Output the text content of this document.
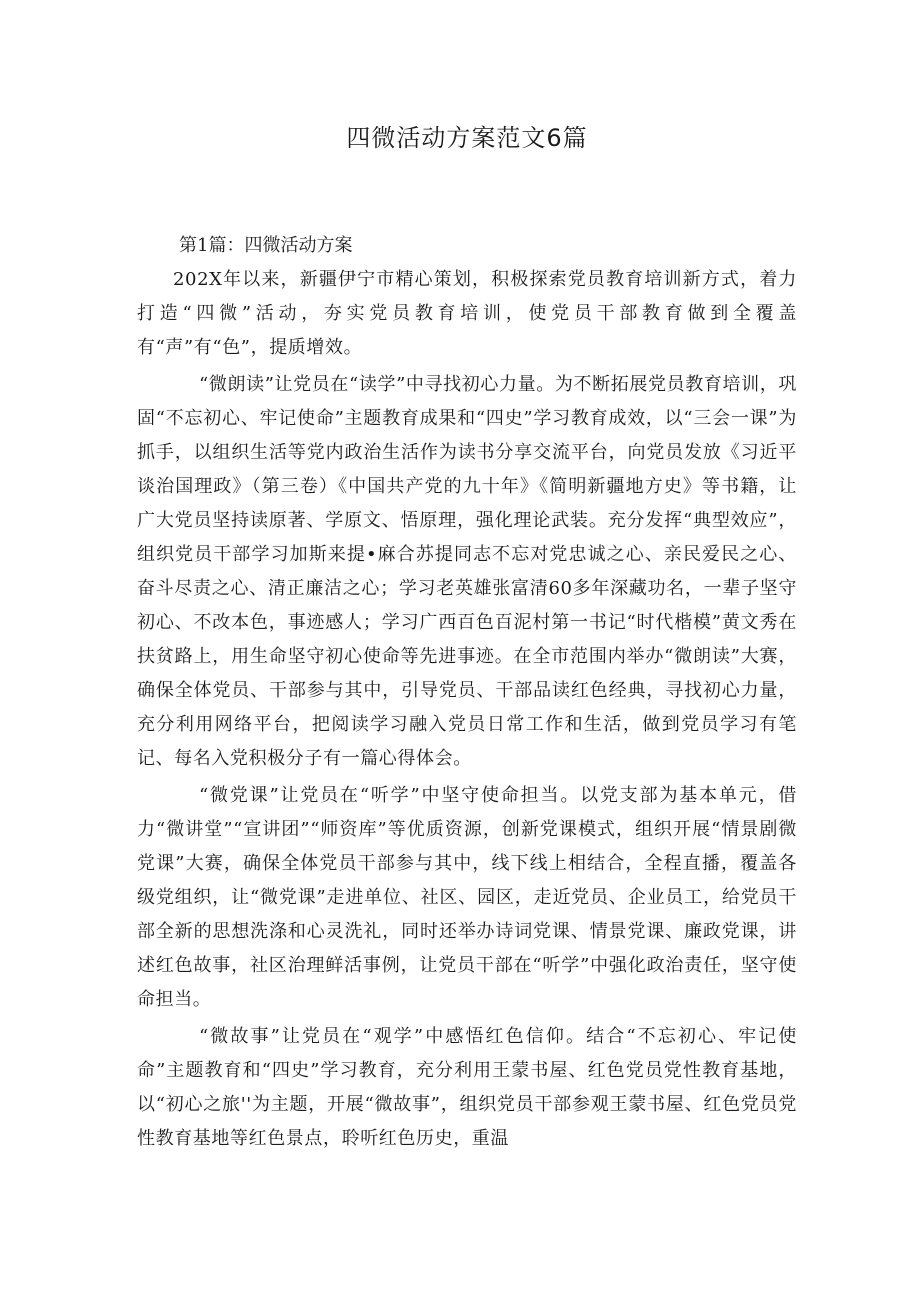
四微活动方案范文6篇

第1篇：四微活动方案

202X年以来，新疆伊宁市精心策划，积极探索党员教育培训新方式，着力打造“四微”活动，夯实党员教育培训，使党员干部教育做到全覆盖有“声”有“色”，提质增效。

“微朗读”让党员在“读学”中寻找初心力量。为不断拓展党员教育培训，巩固“不忘初心、牢记使命”主题教育成果和“四史”学习教育成效，以“三会一课”为抓手，以组织生活等党内政治生活作为读书分享交流平台，向党员发放《习近平谈治国理政》（第三卷）《中国共产党的九十年》《简明新疆地方史》等书籍，让广大党员坚持读原著、学原文、悟原理，强化理论武装。充分发挥“典型效应”，组织党员干部学习加斯来提•麻合苏提同志不忘对党忠诚之心、亲民爱民之心、奋斗尽责之心、清正廉洁之心；学习老英雄张富清60多年深藏功名，一辈子坚守初心、不改本色，事迹感人；学习广西百色百泥村第一书记“时代楷模”黄文秀在扶贫路上，用生命坚守初心使命等先进事迹。在全市范围内举办“微朗读”大赛，确保全体党员、干部参与其中，引导党员、干部品读红色经典，寻找初心力量，充分利用网络平台，把阅读学习融入党员日常工作和生活，做到党员学习有笔记、每名入党积极分子有一篇心得体会。

“微党课”让党员在“听学”中坚守使命担当。以党支部为基本单元，借力“微讲堂”“宣讲团”“师资库”等优质资源，创新党课模式，组织开展“情景剧微党课”大赛，确保全体党员干部参与其中，线下线上相结合，全程直播，覆盖各级党组织，让“微党课”走进单位、社区、园区，走近党员、企业员工，给党员干部全新的思想洗涤和心灵洗礼，同时还举办诗词党课、情景党课、廉政党课，讲述红色故事，社区治理鲜活事例，让党员干部在“听学”中强化政治责任，坚守使命担当。

“微故事”让党员在“观学”中感悟红色信仰。结合“不忘初心、牢记使命”主题教育和“四史”学习教育，充分利用王蒙书屋、红色党员党性教育基地，以“初心之旅''为主题，开展“微故事”，组织党员干部参观王蒙书屋、红色党员党性教育基地等红色景点，聆听红色历史，重温
